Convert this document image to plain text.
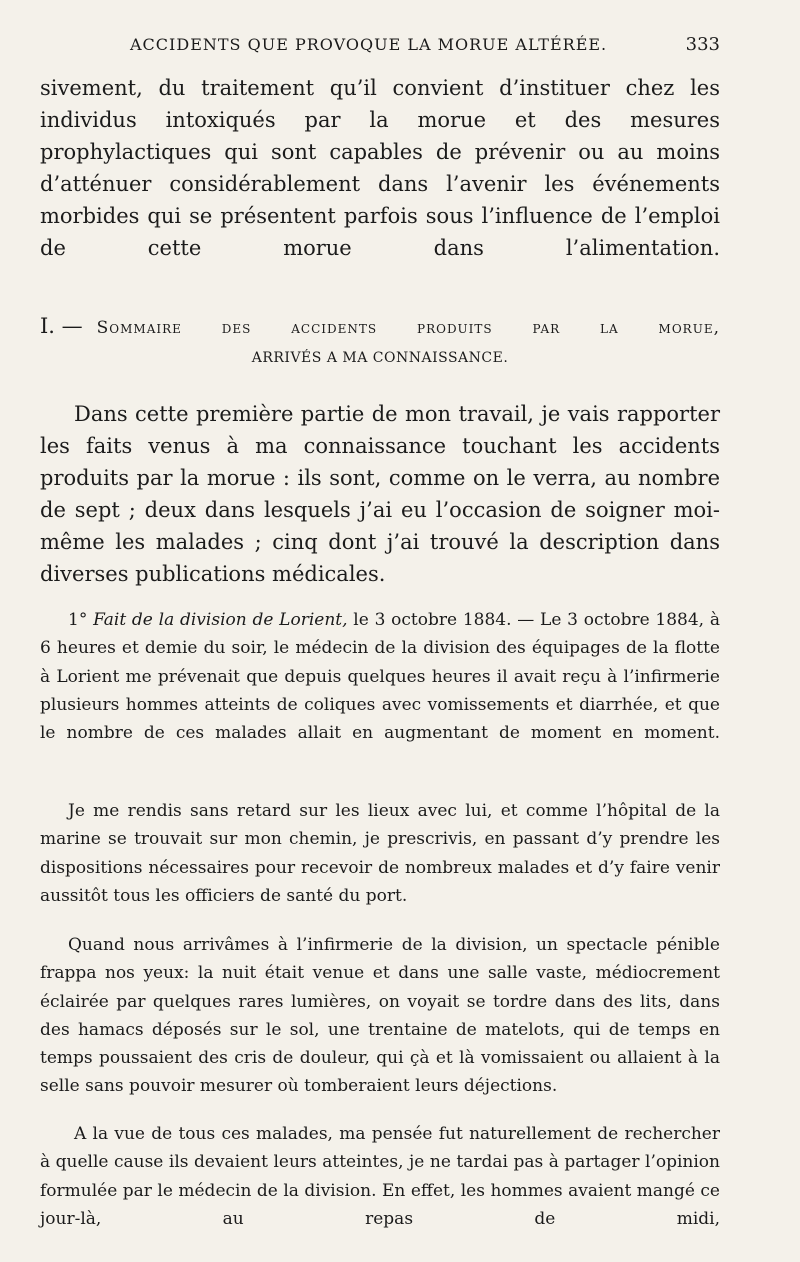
ACCIDENTS QUE PROVOQUE LA MORUE ALTÉRÉE.	333

sivement, du traitement qu’il convient d’instituer chez les individus intoxiqués par la morue et des mesures prophylactiques qui sont capables de prévenir ou au moins d’atténuer considérablement dans l’avenir les événements morbides qui se présentent parfois sous l’influence de l’emploi de cette morue dans l’alimentation.

I. — Sommaire des accidents produits par la morue,
ARRIVÉS A MA CONNAISSANCE.

Dans cette première partie de mon travail, je vais rapporter les faits venus à ma connaissance touchant les accidents produits par la morue : ils sont, comme on le verra, au nombre de sept ; deux dans lesquels j’ai eu l’occasion de soigner moi-même les malades ; cinq dont j’ai trouvé la description dans diverses publications médicales.

1° Fait de la division de Lorient, le 3 octobre 1884. — Le 3 octobre 1884, à 6 heures et demie du soir, le médecin de la division des équipages de la flotte à Lorient me prévenait que depuis quelques heures il avait reçu à l’infirmerie plusieurs hommes atteints de coliques avec vomissements et diarrhée, et que le nombre de ces malades allait en augmentant de moment en moment.

Je me rendis sans retard sur les lieux avec lui, et comme l’hôpital de la marine se trouvait sur mon chemin, je prescrivis, en passant d’y prendre les dispositions nécessaires pour recevoir de nombreux malades et d’y faire venir aussitôt tous les officiers de santé du port.

Quand nous arrivâmes à l’infirmerie de la division, un spectacle pénible frappa nos yeux: la nuit était venue et dans une salle vaste, médiocrement éclairée par quelques rares lumières, on voyait se tordre dans des lits, dans des hamacs déposés sur le sol, une trentaine de matelots, qui de temps en temps poussaient des cris de douleur, qui çà et là vomissaient ou allaient à la selle sans pouvoir mesurer où tomberaient leurs déjections.

A la vue de tous ces malades, ma pensée fut naturellement de rechercher à quelle cause ils devaient leurs atteintes, je ne tardai pas à partager l’opinion formulée par le médecin de la division. En effet, les hommes avaient mangé ce jour-là, au repas de midi,
